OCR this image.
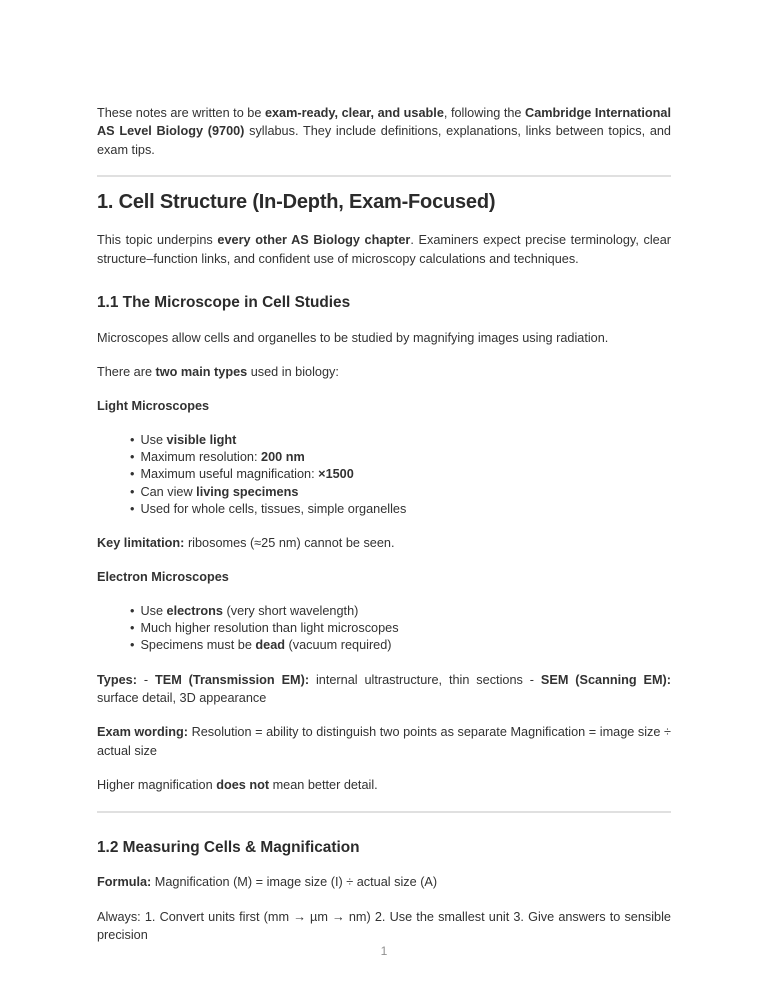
These notes are written to be exam-ready, clear, and usable, following the Cambridge International AS Level Biology (9700) syllabus. They include definitions, explanations, links between topics, and exam tips.

1. Cell Structure (In-Depth, Exam-Focused)

This topic underpins every other AS Biology chapter. Examiners expect precise terminology, clear structure–function links, and confident use of microscopy calculations and techniques.

1.1 The Microscope in Cell Studies

Microscopes allow cells and organelles to be studied by magnifying images using radiation.

There are two main types used in biology:

Light Microscopes

• Use visible light
• Maximum resolution: 200 nm
• Maximum useful magnification: ×1500
• Can view living specimens
• Used for whole cells, tissues, simple organelles

Key limitation: ribosomes (≈25 nm) cannot be seen.

Electron Microscopes

• Use electrons (very short wavelength)
• Much higher resolution than light microscopes
• Specimens must be dead (vacuum required)

Types: - TEM (Transmission EM): internal ultrastructure, thin sections - SEM (Scanning EM): surface detail, 3D appearance

Exam wording: Resolution = ability to distinguish two points as separate Magnification = image size ÷ actual size

Higher magnification does not mean better detail.

1.2 Measuring Cells & Magnification

Formula: Magnification (M) = image size (I) ÷ actual size (A)

Always: 1. Convert units first (mm → µm → nm) 2. Use the smallest unit 3. Give answers to sensible precision

1
